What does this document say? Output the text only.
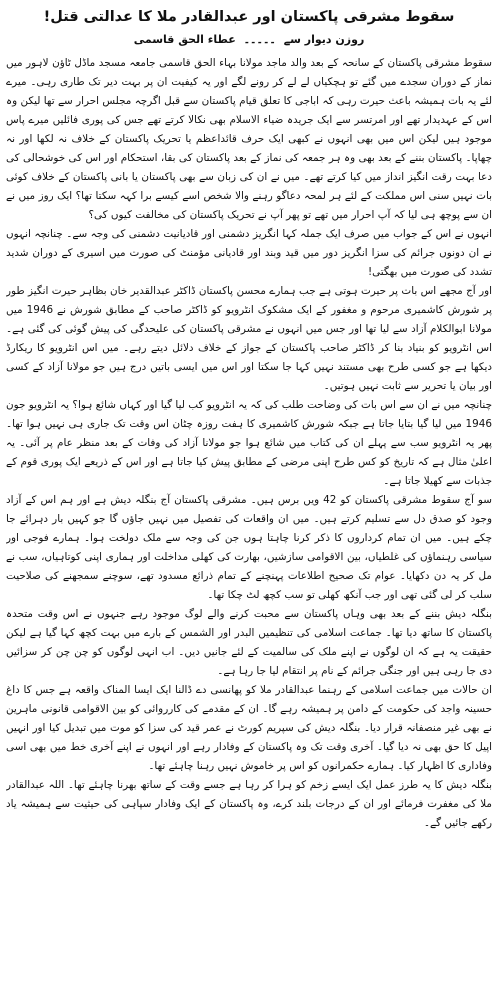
سقوط مشرقی پاکستان اور عبدالقادر ملا کا عدالتی قتل!
روزن دیوار سے ۔۔۔۔۔ عطاء الحق قاسمی

سقوط مشرقی پاکستان کے سانحہ کے بعد والد ماجد مولانا بہاء الحق قاسمی جامعہ مسجد ماڈل ٹاؤن لاہور میں نماز کے دوران سجدے میں گئے تو ہچکیاں لے لے کر رونے لگے اور یہ کیفیت ان پر بہت دیر تک طاری رہی۔ میرے لئے یہ بات ہمیشہ باعث حیرت رہی کہ اباجی کا تعلق قیام پاکستان سے قبل اگرچہ مجلس احرار سے تھا لیکن وہ اس کے عہدیدار تھے اور امرتسر سے ایک جریدہ ضیاء الاسلام بھی نکالا کرتے تھے جس کی پوری فائلیں میرے پاس موجود ہیں لیکن اس میں بھی انہوں نے کبھی ایک حرف قائداعظم یا تحریک پاکستان کے خلاف نہ لکھا اور نہ چھاپا۔ پاکستان بننے کے بعد بھی وہ ہر جمعہ کی نماز کے بعد پاکستان کی بقا، استحکام اور اس کی خوشحالی کی دعا بہت رقت انگیز انداز میں کیا کرتے تھے۔ میں نے ان کی زبان سے بھی پاکستان یا بانی پاکستان کے خلاف کوئی بات نہیں سنی اس مملکت کے لئے ہر لمحہ دعاگو رہنے والا شخص اسے کیسے برا کہہ سکتا تھا؟ ایک روز میں نے ان سے پوچھ ہی لیا کہ آپ احرار میں تھے تو پھر آپ نے تحریک پاکستان کی مخالفت کیوں کی؟

انہوں نے اس کے جواب میں صرف ایک جملہ کہا انگریز دشمنی اور قادیانیت دشمنی کی وجہ سے۔ چنانچہ انہوں نے ان دونوں جرائم کی سزا انگریز دور میں قید وبند اور قادیانی مؤمنٹ کی صورت میں اسیری کے دوران شدید تشدد کی صورت میں بھگتی!

اور آج مجھے اس بات پر حیرت ہوتی ہے جب ہمارے محسن پاکستان ڈاکٹر عبدالقدیر خان بظاہر حیرت انگیز طور پر شورش کاشمیری مرحوم و مغفور کے ایک مشکوک انٹرویو کو ڈاکٹر صاحب کے مطابق شورش نے 1946 میں مولانا ابوالکلام آزاد سے لیا تھا اور جس میں انہوں نے مشرقی پاکستان کی علیحدگی کی پیش گوئی کی گئی ہے۔ اس انٹرویو کو بنیاد بنا کر ڈاکٹر صاحب پاکستان کے جواز کے خلاف دلائل دیتے رہے۔ میں اس انٹرویو کا ریکارڈ دیکھا ہے جو کسی طرح بھی مستند نہیں کہا جا سکتا اور اس میں ایسی باتیں درج ہیں جو مولانا آزاد کے کسی اور بیان یا تحریر سے ثابت نہیں ہوتیں۔

چنانچہ میں نے ان سے اس بات کی وضاحت طلب کی کہ یہ انٹرویو کب لیا گیا اور کہاں شائع ہوا؟ یہ انٹرویو جون 1946 میں لیا گیا بتایا جاتا ہے جبکہ شورش کاشمیری کا ہفت روزہ چٹان اس وقت تک جاری ہی نہیں ہوا تھا۔ پھر یہ انٹرویو سب سے پہلے ان کی کتاب میں شائع ہوا جو مولانا آزاد کی وفات کے بعد منظر عام پر آئی۔ یہ اعلیٰ مثال ہے کہ تاریخ کو کس طرح اپنی مرضی کے مطابق پیش کیا جاتا ہے اور اس کے ذریعے ایک پوری قوم کے جذبات سے کھیلا جاتا ہے۔

سو آج سقوط مشرقی پاکستان کو 42 ویں برس ہیں۔ مشرقی پاکستان آج بنگلہ دیش ہے اور ہم اس کے آزاد وجود کو صدق دل سے تسلیم کرتے ہیں۔ میں ان واقعات کی تفصیل میں نہیں جاؤں گا جو کہیں بار دہرائے جا چکے ہیں۔ میں ان تمام کرداروں کا ذکر کرنا چاہتا ہوں جن کی وجہ سے ملک دولخت ہوا۔ ہمارے فوجی اور سیاسی رہنماؤں کی غلطیاں، بین الاقوامی سازشیں، بھارت کی کھلی مداخلت اور ہماری اپنی کوتاہیاں، سب نے مل کر یہ دن دکھایا۔ عوام تک صحیح اطلاعات پہنچنے کے تمام ذرائع مسدود تھے، سوچنے سمجھنے کی صلاحیت سلب کر لی گئی تھی اور جب آنکھ کھلی تو سب کچھ لٹ چکا تھا۔

بنگلہ دیش بننے کے بعد بھی وہاں پاکستان سے محبت کرنے والے لوگ موجود رہے جنہوں نے اس وقت متحدہ پاکستان کا ساتھ دیا تھا۔ جماعت اسلامی کی تنظیمیں البدر اور الشمس کے بارے میں بہت کچھ کہا گیا ہے لیکن حقیقت یہ ہے کہ ان لوگوں نے اپنے ملک کی سالمیت کے لئے جانیں دیں۔ اب انہی لوگوں کو چن چن کر سزائیں دی جا رہی ہیں اور جنگی جرائم کے نام پر انتقام لیا جا رہا ہے۔

ان حالات میں جماعت اسلامی کے رہنما عبدالقادر ملا کو پھانسی دے ڈالنا ایک ایسا المناک واقعہ ہے جس کا داغ حسینہ واجد کی حکومت کے دامن پر ہمیشہ رہے گا۔ ان کے مقدمے کی کارروائی کو بین الاقوامی قانونی ماہرین نے بھی غیر منصفانہ قرار دیا۔ بنگلہ دیش کی سپریم کورٹ نے عمر قید کی سزا کو موت میں تبدیل کیا اور انہیں اپیل کا حق بھی نہ دیا گیا۔ آخری وقت تک وہ پاکستان کے وفادار رہے اور انہوں نے اپنے آخری خط میں بھی اسی وفاداری کا اظہار کیا۔ ہمارے حکمرانوں کو اس پر خاموش نہیں رہنا چاہئے تھا۔

بنگلہ دیش کا یہ طرز عمل ایک ایسے زخم کو ہرا کر رہا ہے جسے وقت کے ساتھ بھرنا چاہئے تھا۔ اللہ عبدالقادر ملا کی مغفرت فرمائے اور ان کے درجات بلند کرے، وہ پاکستان کے ایک وفادار سپاہی کی حیثیت سے ہمیشہ یاد رکھے جائیں گے۔
